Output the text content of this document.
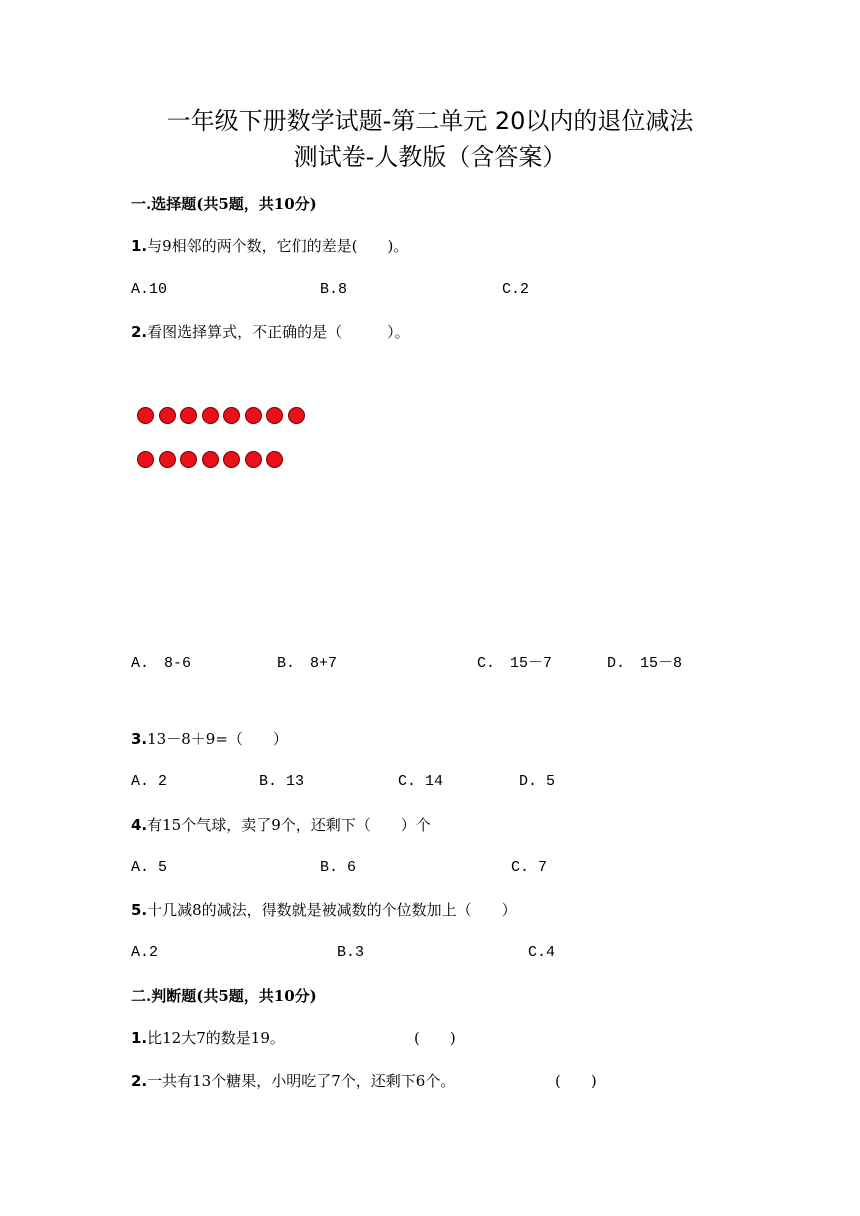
一年级下册数学试题-第二单元 20以内的退位减法
测试卷-人教版（含答案）
一.选择题(共5题，共10分)
1.与9相邻的两个数，它们的差是(　　)。
A.10	B.8	C.2
2.看图选择算式，不正确的是（　　　）。
A.　8-6	B.　8+7	C.　15－7	D.　15－8
3.13－8＋9=（　　）
A. 2	B. 13	C. 14	D. 5
4.有15个气球，卖了9个，还剩下（　　）个
A. 5	B. 6	C. 7
5.十几减8的减法，得数就是被减数的个位数加上（　　）
A.2	B.3	C.4
二.判断题(共5题，共10分)
1.比12大7的数是19。	(　　)
2.一共有13个糖果，小明吃了7个，还剩下6个。	(　　)
